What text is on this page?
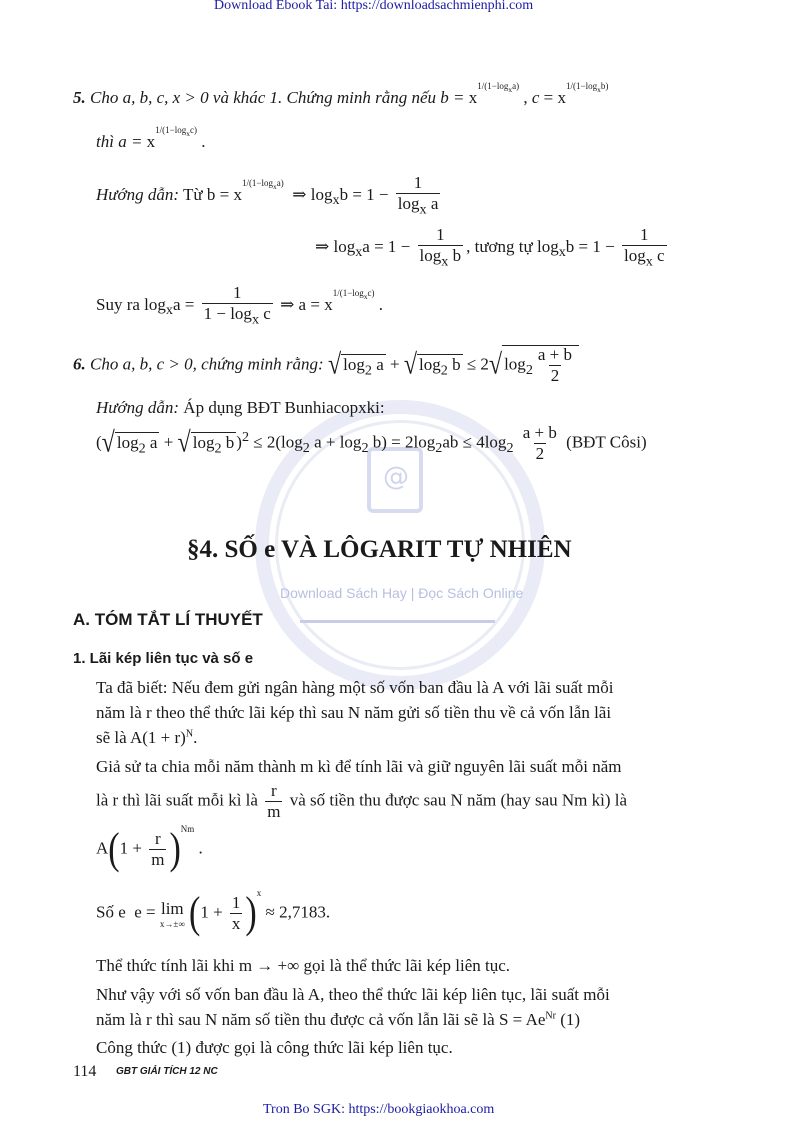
@
Download Sách Hay | Đọc Sách Online
Download Ebook Tai: https://downloadsachmienphi.com
5. Cho a, b, c, x > 0 và khác 1. Chứng minh rằng nếu $b = x1/(1-\log_xa)$ , $c = x1/(1-\log_xb)$
thì $a = x1/(1-\log_xc)$ .
Hướng dẫn: Từ $b = x1/(1-\log_xa)$  ⇒ $\log_xb = 1 - \frac{1}{\log_x a}$
⇒ $\log_xa = 1 - \frac{1}{\log_x b}$ , tương tự $\log_xb = 1 - \frac{1}{\log_x c}$
Suy ra $\log_xa = \frac{1}{1 - \log_x c}$ ⇒ $a = x1/(1-\log_xc)$ .
6. Cho a, b, c > 0, chứng minh rằng: √ $\log_2 a$ + √ $\log_2 b \le 2√$ $\log_2 \frac{a + b}{2}$
Hướng dẫn: Áp dụng BĐT Bunhiacopxki:
(√ $\log_2 a$ + √ $\log_2 b$ )$^2 \le 2(\log_2$ $a + \log_2 b) = 2\log_2ab \le 4\log_2 \frac{a + b}{2}$ (BĐT Côsi)
§4. SỐ e VÀ LÔGARIT TỰ NHIÊN
A. TÓM TẮT LÍ THUYẾT
1. Lãi kép liên tục và số e
Ta đã biết: Nếu đem gửi ngân hàng một số vốn ban đầu là A với lãi suất mỗi
năm là r theo thể thức lãi kép thì sau N năm gửi số tiền thu về cả vốn lẫn lãi
sẽ là $A(1 + r)^N$.
Giả sử ta chia mỗi năm thành m kì để tính lãi và giữ nguyên lãi suất mỗi năm
là r thì lãi suất mỗi kì là $\frac{r}{m}$ và số tiền thu được sau N năm (hay sau Nm kì) là
$A(1 + \frac{r}{m} )Nm$ .
Số e  e = lim
x→±∞ $(1 + \frac{1}{x} )x \approx 2,7183$.
Thể thức tính lãi khi m → +∞ gọi là thể thức lãi kép liên tục.
Như vậy với số vốn ban đầu là A, theo thể thức lãi kép liên tục, lãi suất mỗi
năm là r thì sau N năm số tiền thu được cả vốn lẫn lãi sẽ là $S = Ae^{Nr}$ (1)
Công thức (1) được gọi là công thức lãi kép liên tục.
114 GBT GIẢI TÍCH 12 NC
Tron Bo SGK: https://bookgiaokhoa.com
